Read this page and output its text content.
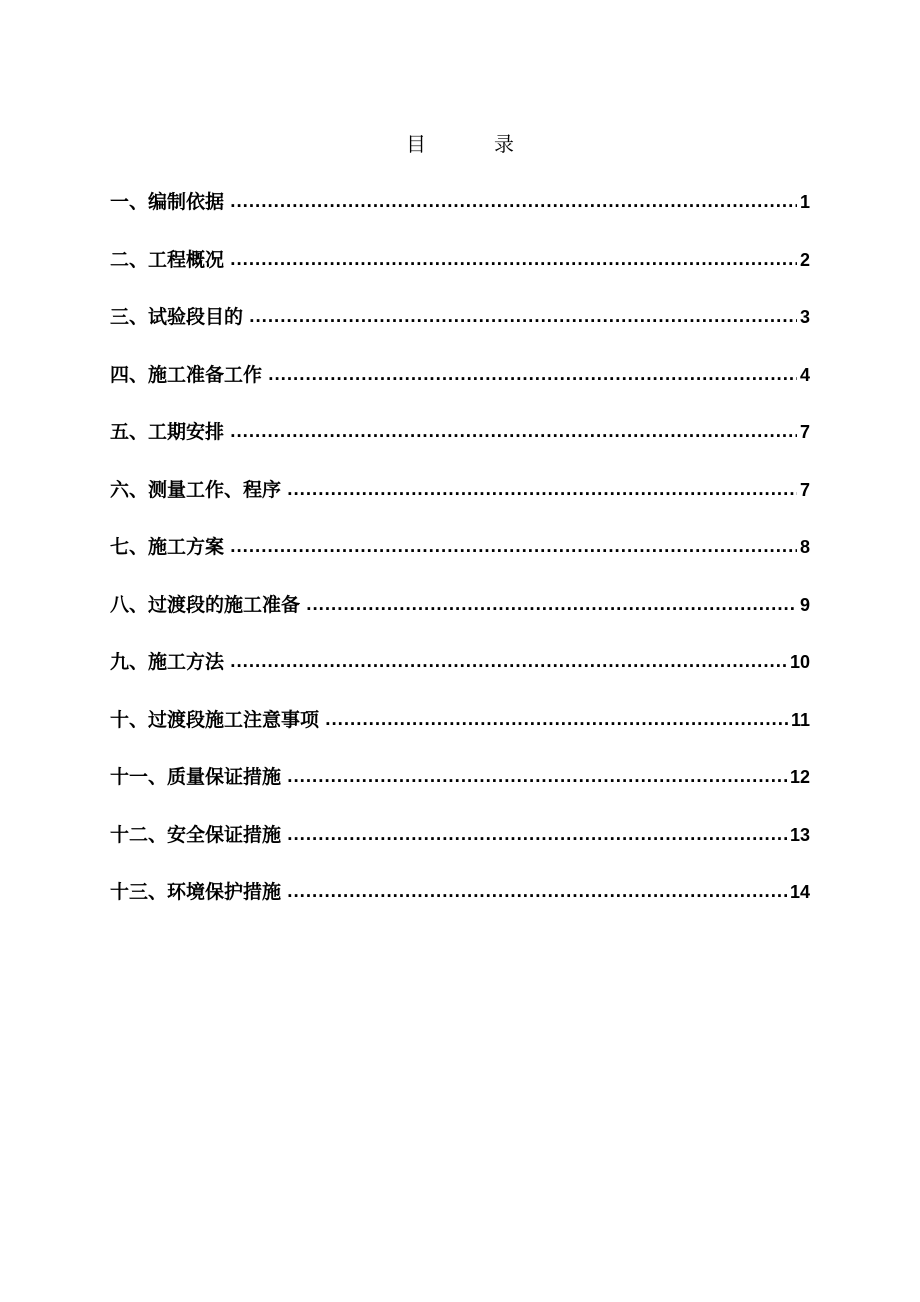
目	录
一、编制依据 .....	1
二、工程概况 .....	2
三、试验段目的 .....	3
四、施工准备工作 .....	4
五、工期安排 .....	7
六、测量工作、程序 .....	7
七、施工方案 .....	8
八、过渡段的施工准备 .....	9
九、施工方法 .....	10
十、过渡段施工注意事项 .....	11
十一、质量保证措施 .....	12
十二、安全保证措施 .....	13
十三、环境保护措施 .....	14
